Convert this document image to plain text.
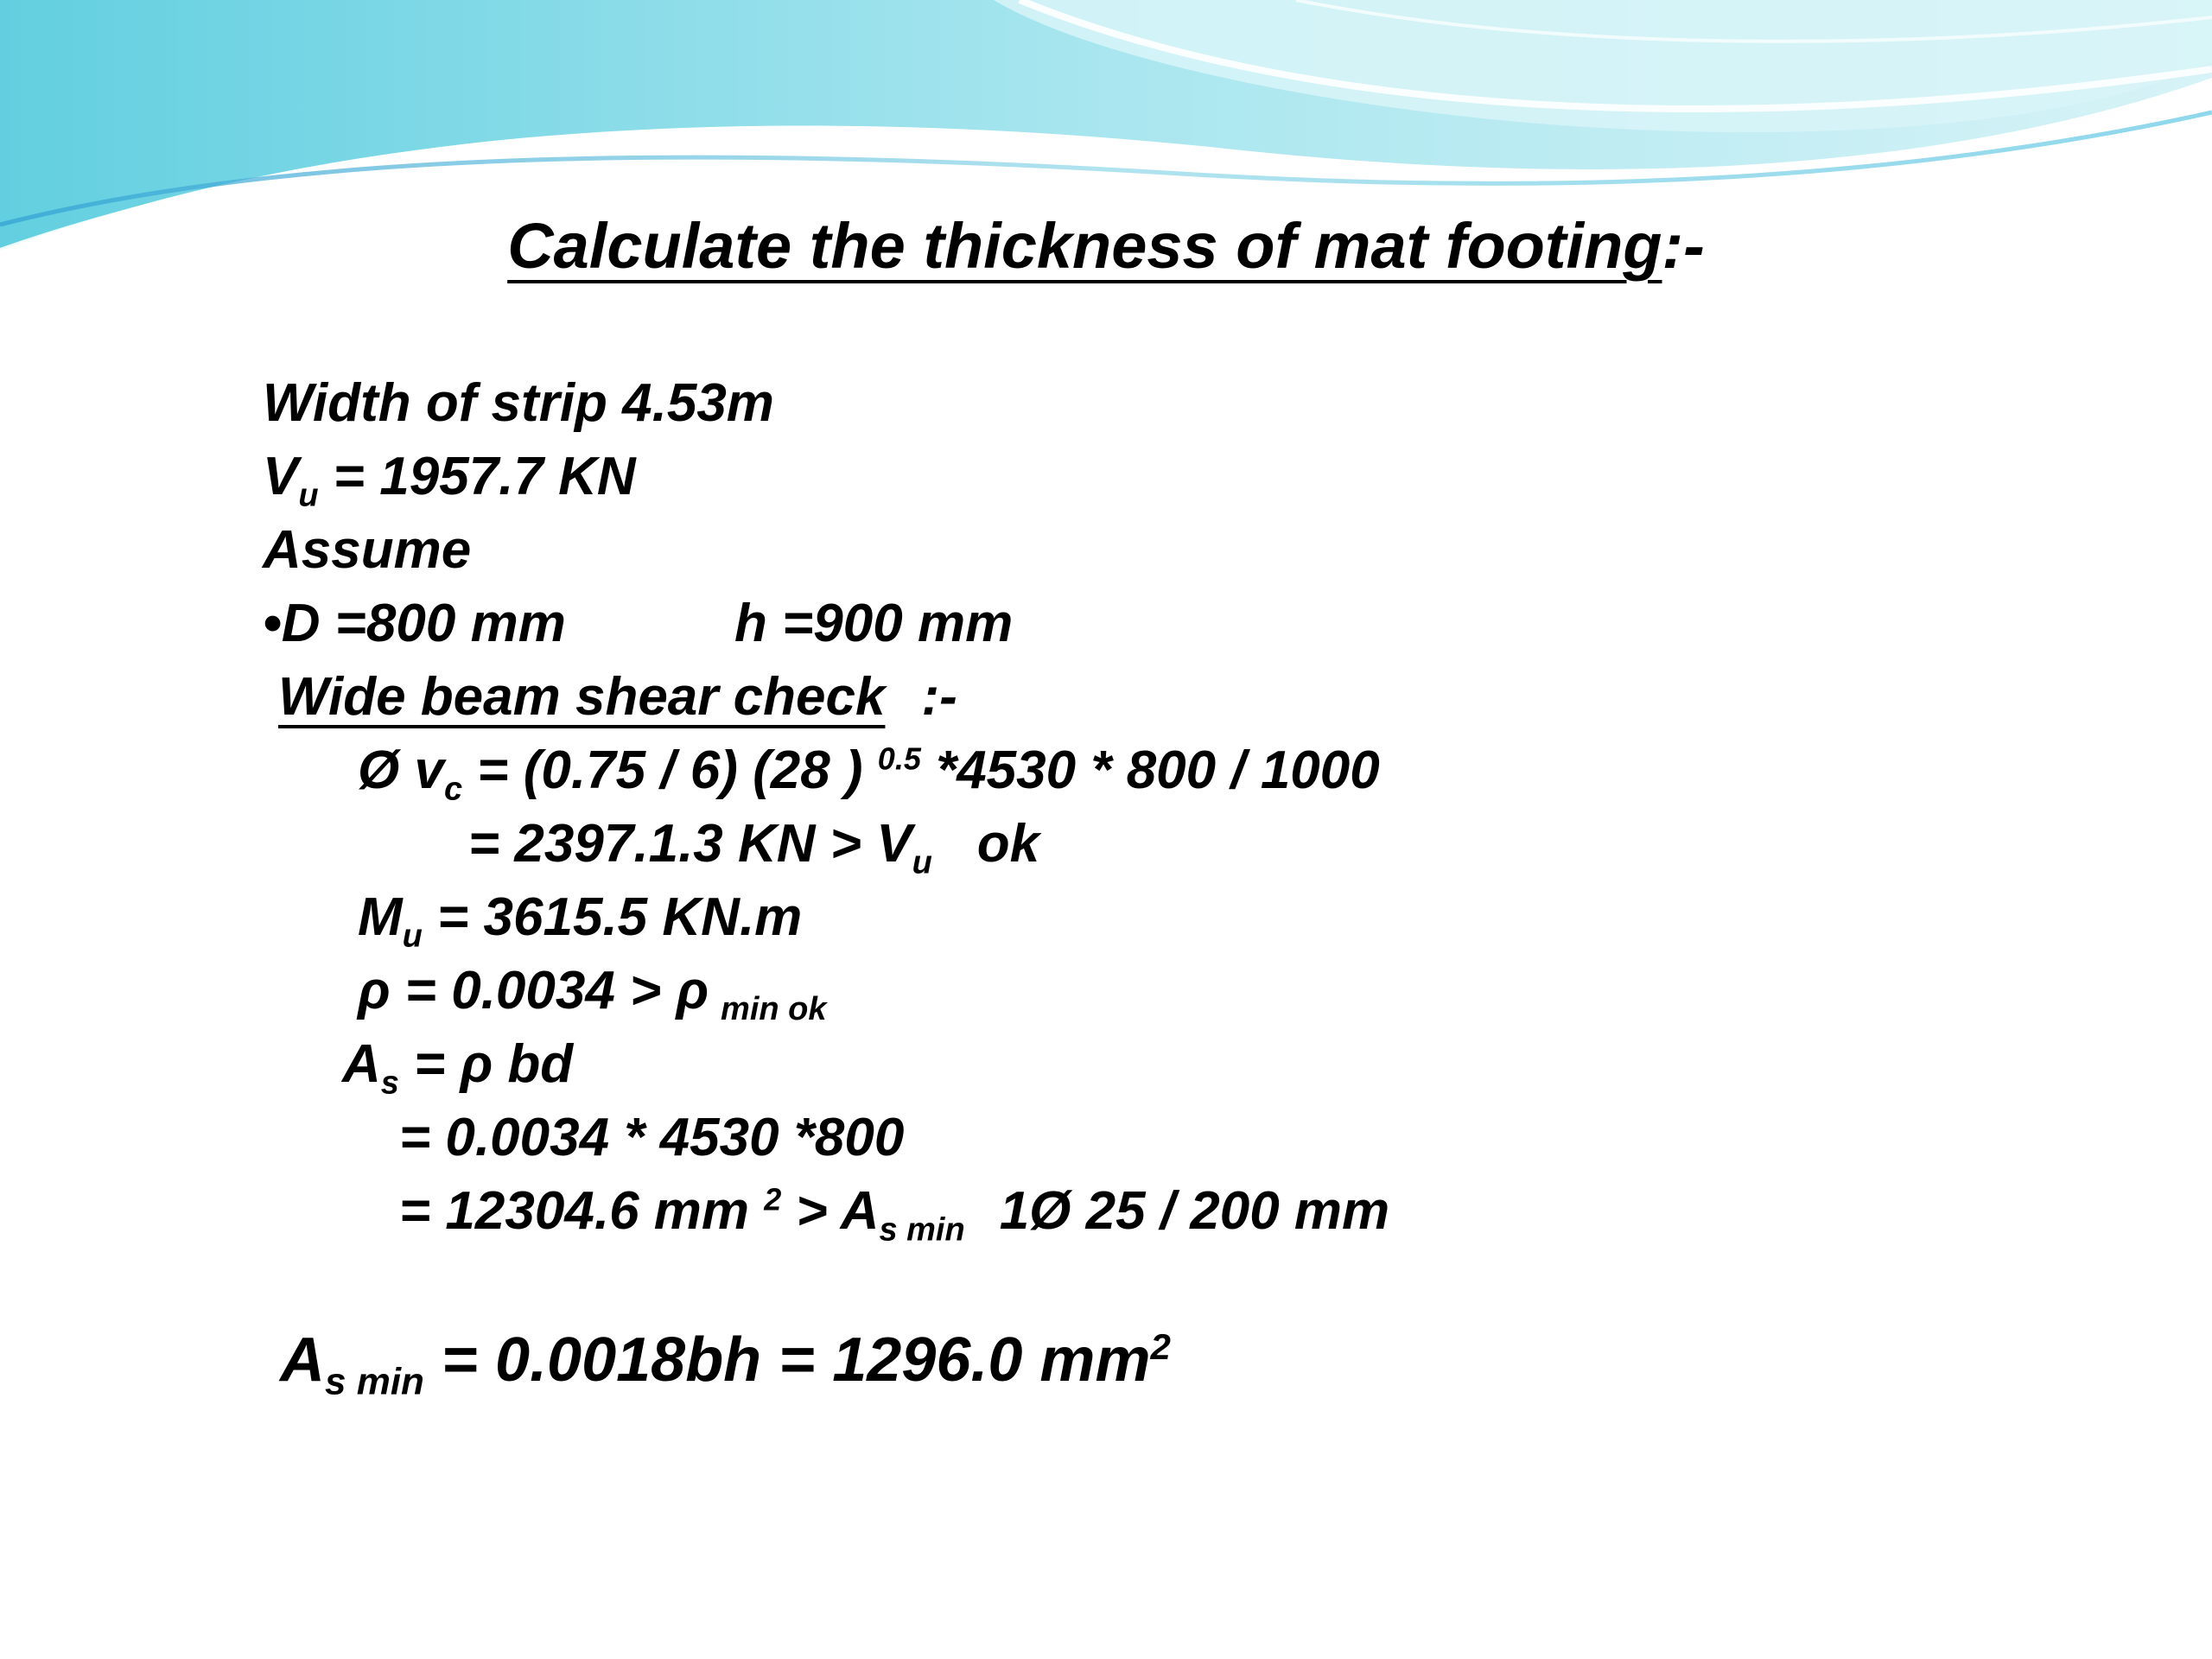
Calculate the thickness of mat footing:-
Width of strip 4.53m
$V_u = 1957.7$ KN
Assume
•D =800 mm	h =900 mm
Wide beam shear check :-
Ø $v_c = (0.75 / 6)$ (28 ) $^{0.5}$ *4530 * 800 / 1000
= 2397.1.3 KN > $V_u$ ok
$M_u = 3615.5$ KN.m
ρ = 0.0034 > ρ $_{min ok}$
$A_s = \rho$ bd
= 0.0034 * 4530 *800
= 12304.6 mm $^2 > A_{s min}$ 1Ø 25 / 200 mm
$A_{s min} = 0.0018bh = 1296.0$ $mm^2$
